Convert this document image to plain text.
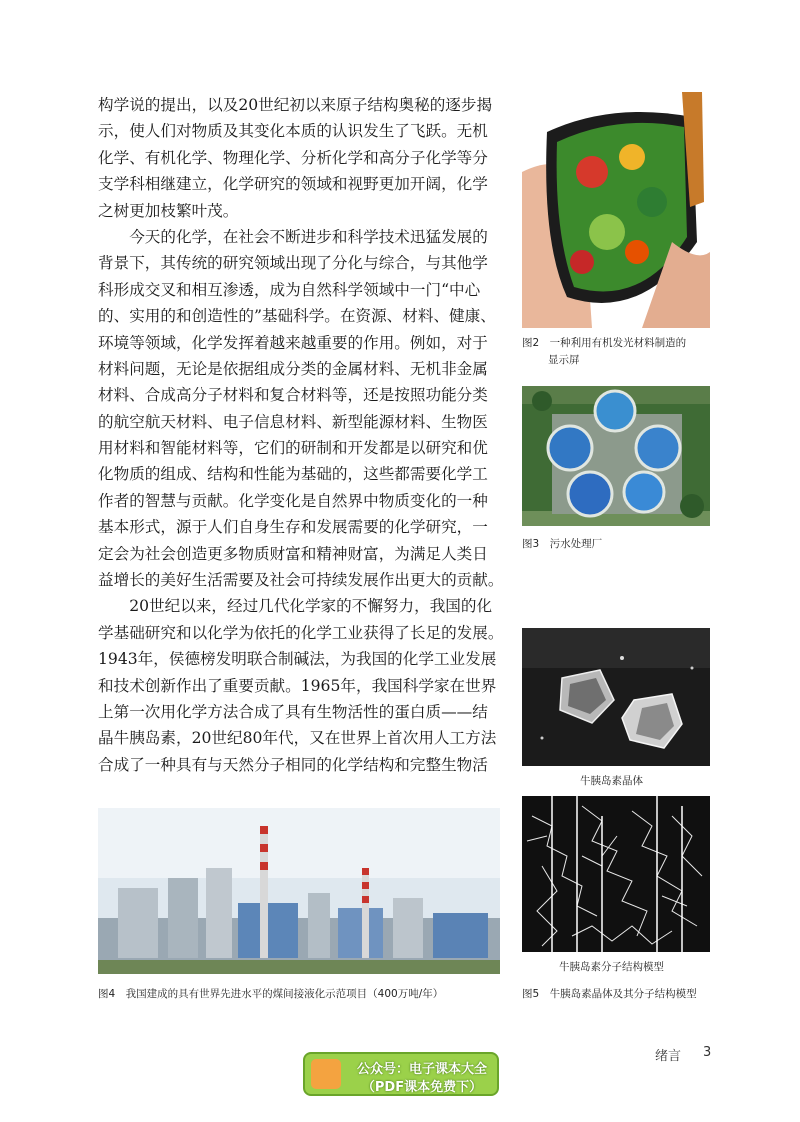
构学说的提出，以及20世纪初以来原子结构奥秘的逐步揭
示，使人们对物质及其变化本质的认识发生了飞跃。无机
化学、有机化学、物理化学、分析化学和高分子化学等分
支学科相继建立，化学研究的领域和视野更加开阔，化学
之树更加枝繁叶茂。
　　今天的化学，在社会不断进步和科学技术迅猛发展的
背景下，其传统的研究领域出现了分化与综合，与其他学
科形成交叉和相互渗透，成为自然科学领域中一门“中心
的、实用的和创造性的”基础科学。在资源、材料、健康、
环境等领域，化学发挥着越来越重要的作用。例如，对于
材料问题，无论是依据组成分类的金属材料、无机非金属
材料、合成高分子材料和复合材料等，还是按照功能分类
的航空航天材料、电子信息材料、新型能源材料、生物医
用材料和智能材料等，它们的研制和开发都是以研究和优
化物质的组成、结构和性能为基础的，这些都需要化学工
作者的智慧与贡献。化学变化是自然界中物质变化的一种
基本形式，源于人们自身生存和发展需要的化学研究，一
定会为社会创造更多物质财富和精神财富，为满足人类日
益增长的美好生活需要及社会可持续发展作出更大的贡献。
　　20世纪以来，经过几代化学家的不懈努力，我国的化
学基础研究和以化学为依托的化学工业获得了长足的发展。
1943年，侯德榜发明联合制碱法，为我国的化学工业发展
和技术创新作出了重要贡献。1965年，我国科学家在世界
上第一次用化学方法合成了具有生物活性的蛋白质——结
晶牛胰岛素，20世纪80年代，又在世界上首次用人工方法
合成了一种具有与天然分子相同的化学结构和完整生物活
图2　一种利用有机发光材料制造的
显示屏
图3　污水处理厂
牛胰岛素晶体
牛胰岛素分子结构模型
图4　我国建成的具有世界先进水平的煤间接液化示范项目（400万吨/年）	图5　牛胰岛素晶体及其分子结构模型
绪言 3
公众号：电子课本大全
（PDF课本免费下）
